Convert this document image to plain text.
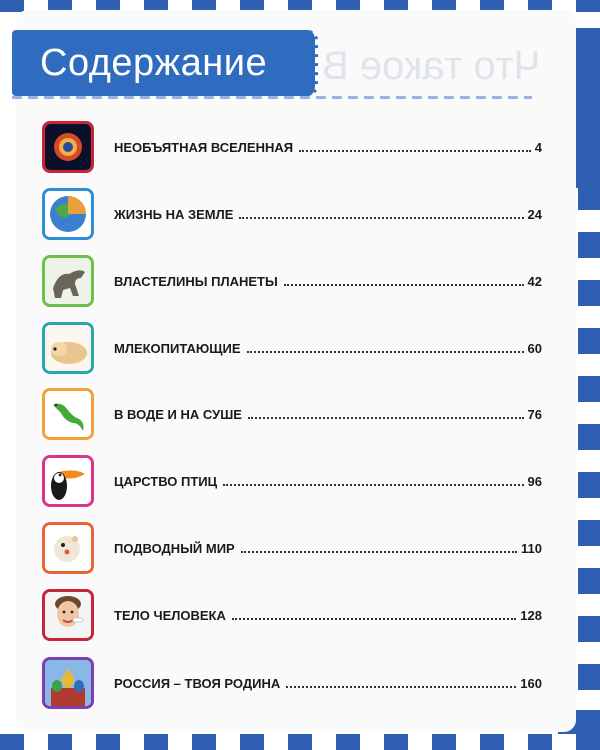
Что такое В
Содержание
НЕОБЪЯТНАЯ ВСЕЛЕННАЯ	4
ЖИЗНЬ НА ЗЕМЛЕ	24
ВЛАСТЕЛИНЫ ПЛАНЕТЫ	42
МЛЕКОПИТАЮЩИЕ	60
В ВОДЕ И НА СУШЕ	76
ЦАРСТВО ПТИЦ	96
ПОДВОДНЫЙ МИР	110
ТЕЛО ЧЕЛОВЕКА	128
РОССИЯ – ТВОЯ РОДИНА	160
